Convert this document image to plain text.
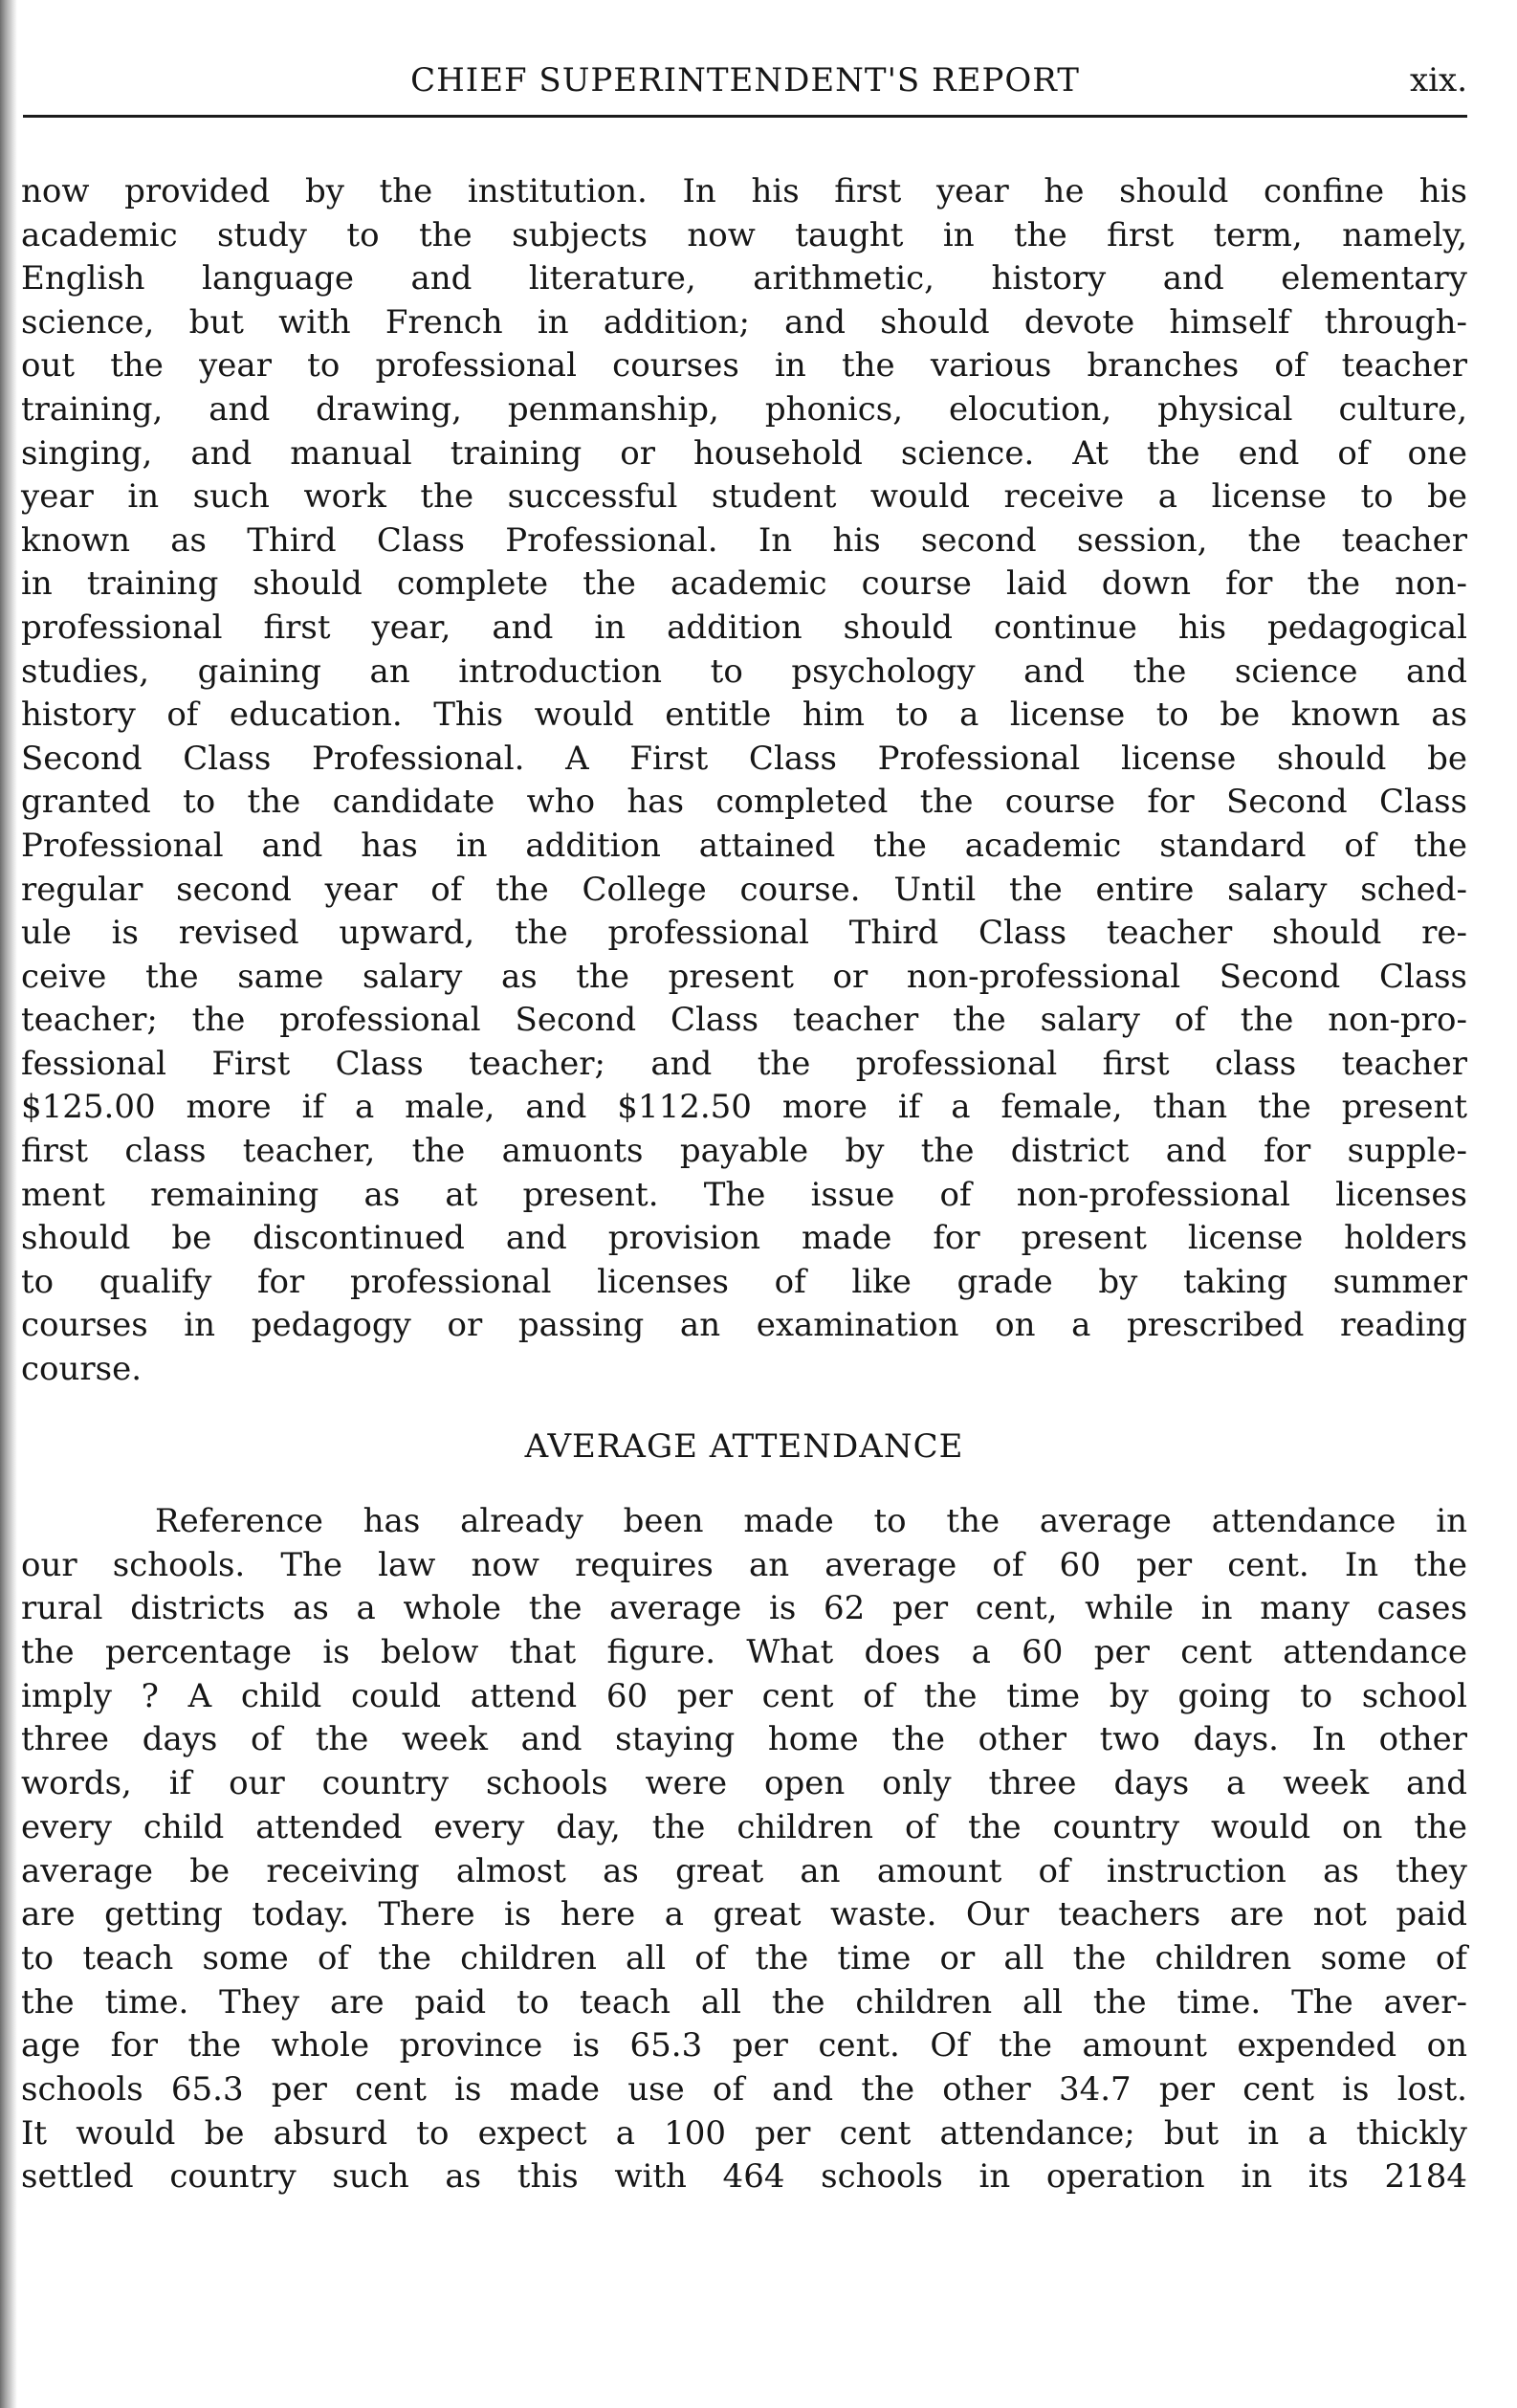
CHIEF SUPERINTENDENT'S REPORT	xix.
now provided by the institution. In his first year he should confine his
academic study to the subjects now taught in the first term, namely,
English language and literature, arithmetic, history and elementary
science, but with French in addition; and should devote himself through-
out the year to professional courses in the various branches of teacher
training, and drawing, penmanship, phonics, elocution, physical culture,
singing, and manual training or household science. At the end of one
year in such work the successful student would receive a license to be
known as Third Class Professional. In his second session, the teacher
in training should complete the academic course laid down for the non-
professional first year, and in addition should continue his pedagogical
studies, gaining an introduction to psychology and the science and
history of education. This would entitle him to a license to be known as
Second Class Professional. A First Class Professional license should be
granted to the candidate who has completed the course for Second Class
Professional and has in addition attained the academic standard of the
regular second year of the College course. Until the entire salary sched-
ule is revised upward, the professional Third Class teacher should re-
ceive the same salary as the present or non-professional Second Class
teacher; the professional Second Class teacher the salary of the non-pro-
fessional First Class teacher; and the professional first class teacher
$125.00 more if a male, and $112.50 more if a female, than the present
first class teacher, the amuonts payable by the district and for supple-
ment remaining as at present. The issue of non-professional licenses
should be discontinued and provision made for present license holders
to qualify for professional licenses of like grade by taking summer
courses in pedagogy or passing an examination on a prescribed reading
course.
AVERAGE ATTENDANCE
Reference has already been made to the average attendance in
our schools. The law now requires an average of 60 per cent. In the
rural districts as a whole the average is 62 per cent, while in many cases
the percentage is below that figure. What does a 60 per cent attendance
imply ? A child could attend 60 per cent of the time by going to school
three days of the week and staying home the other two days. In other
words, if our country schools were open only three days a week and
every child attended every day, the children of the country would on the
average be receiving almost as great an amount of instruction as they
are getting today. There is here a great waste. Our teachers are not paid
to teach some of the children all of the time or all the children some of
the time. They are paid to teach all the children all the time. The aver-
age for the whole province is 65.3 per cent. Of the amount expended on
schools 65.3 per cent is made use of and the other 34.7 per cent is lost.
It would be absurd to expect a 100 per cent attendance; but in a thickly
settled country such as this with 464 schools in operation in its 2184
